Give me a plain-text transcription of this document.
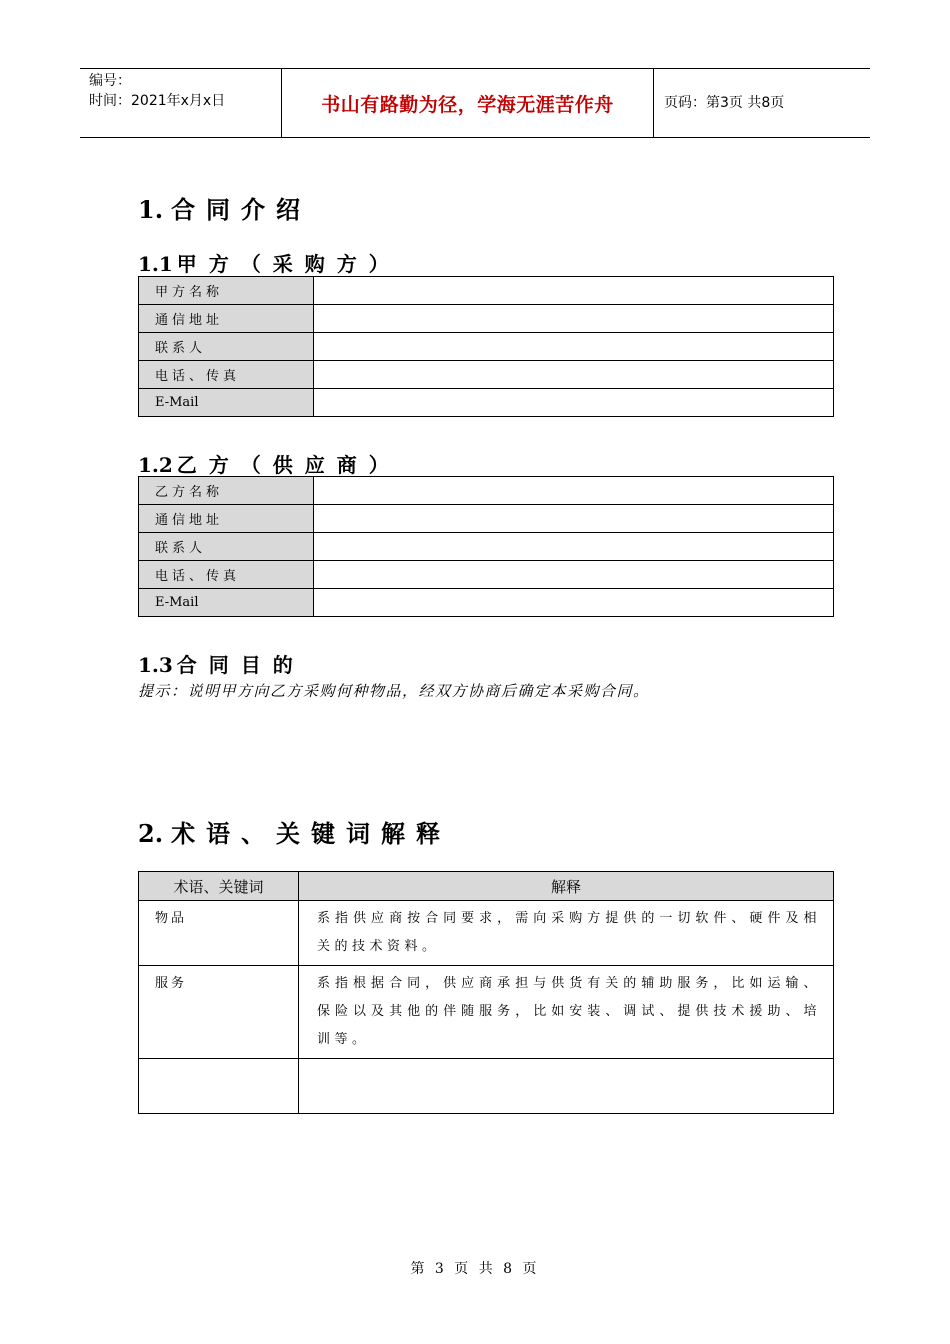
编号：
时间：2021年x月x日	书山有路勤为径，学海无涯苦作舟	页码：第3页 共8页
1. 合同介绍
1.1 甲方（采购方）
甲方名称	
通信地址	
联系人	
电话、传真	
E-Mail	
1.2 乙方（供应商）
乙方名称	
通信地址	
联系人	
电话、传真	
E-Mail	
1.3 合同目的
提示：说明甲方向乙方采购何种物品，经双方协商后确定本采购合同。
2. 术语、关键词解释
术语、关键词	解释
物品	系指供应商按合同要求，需向采购方提供的一切软件、硬件及相关的技术资料。
服务	系指根据合同，供应商承担与供货有关的辅助服务，比如运输、保险以及其他的伴随服务，比如安装、调试、提供技术援助、培训等。

第 3 页 共 8 页
